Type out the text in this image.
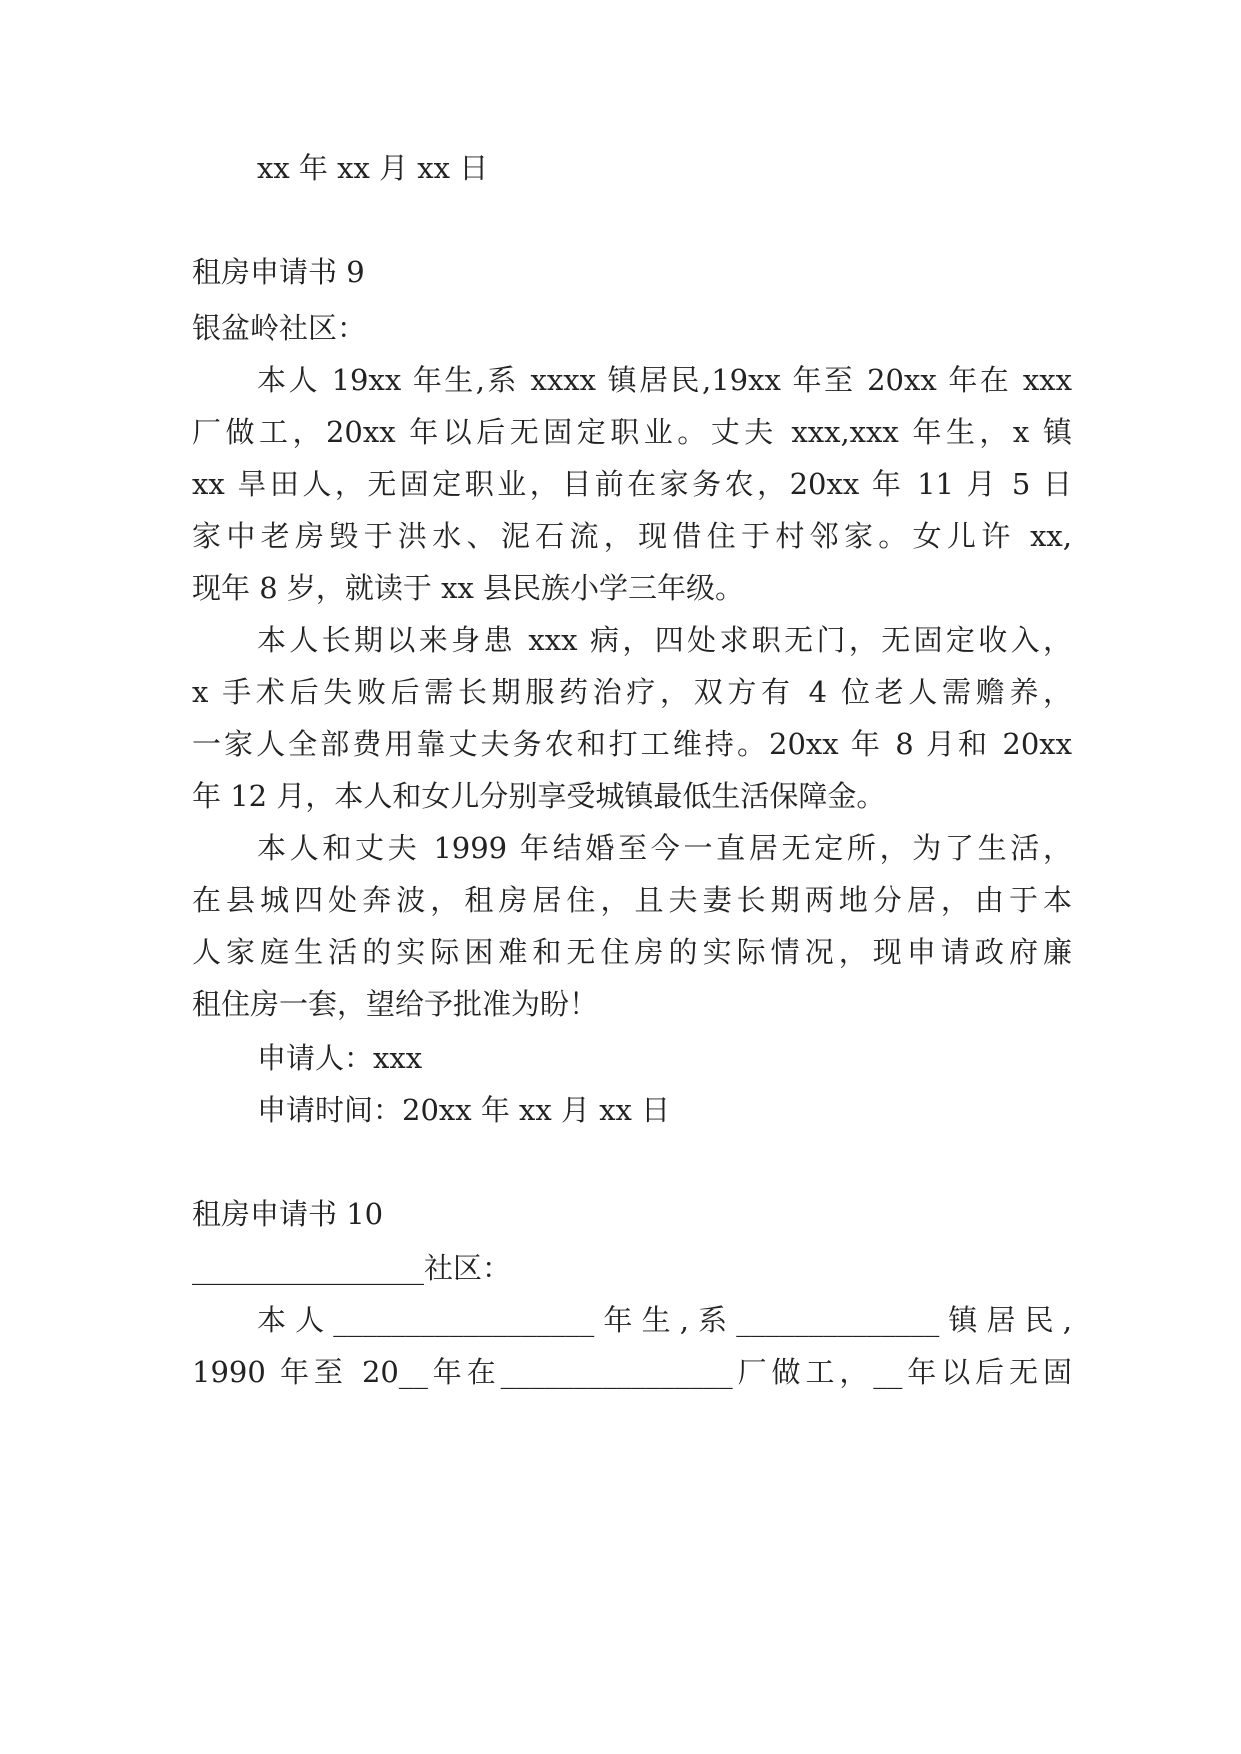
xx 年 xx 月 xx 日

租房申请书 9

银盆岭社区：

本人 19xx 年生,系 xxxx 镇居民,19xx 年至 20xx 年在 xxx

厂做工，20xx 年以后无固定职业。丈夫 xxx,xxx 年生，x 镇

xx 旱田人，无固定职业，目前在家务农，20xx 年 11 月 5 日

家中老房毁于洪水、泥石流，现借住于村邻家。女儿许 xx,

现年 8 岁，就读于 xx 县民族小学三年级。

本人长期以来身患 xxx 病，四处求职无门，无固定收入，

x 手术后失败后需长期服药治疗，双方有 4 位老人需赡养，

一家人全部费用靠丈夫务农和打工维持。20xx 年 8 月和 20xx

年 12 月，本人和女儿分别享受城镇最低生活保障金。

本人和丈夫 1999 年结婚至今一直居无定所，为了生活，

在县城四处奔波，租房居住，且夫妻长期两地分居，由于本

人家庭生活的实际困难和无住房的实际情况，现申请政府廉

租住房一套，望给予批准为盼！

申请人：xxx

申请时间：20xx 年 xx 月 xx 日

租房申请书 10

________________社区：

本人__________________年生,系______________镇居民,

1990 年至 20__年在________________厂做工，__年以后无固
